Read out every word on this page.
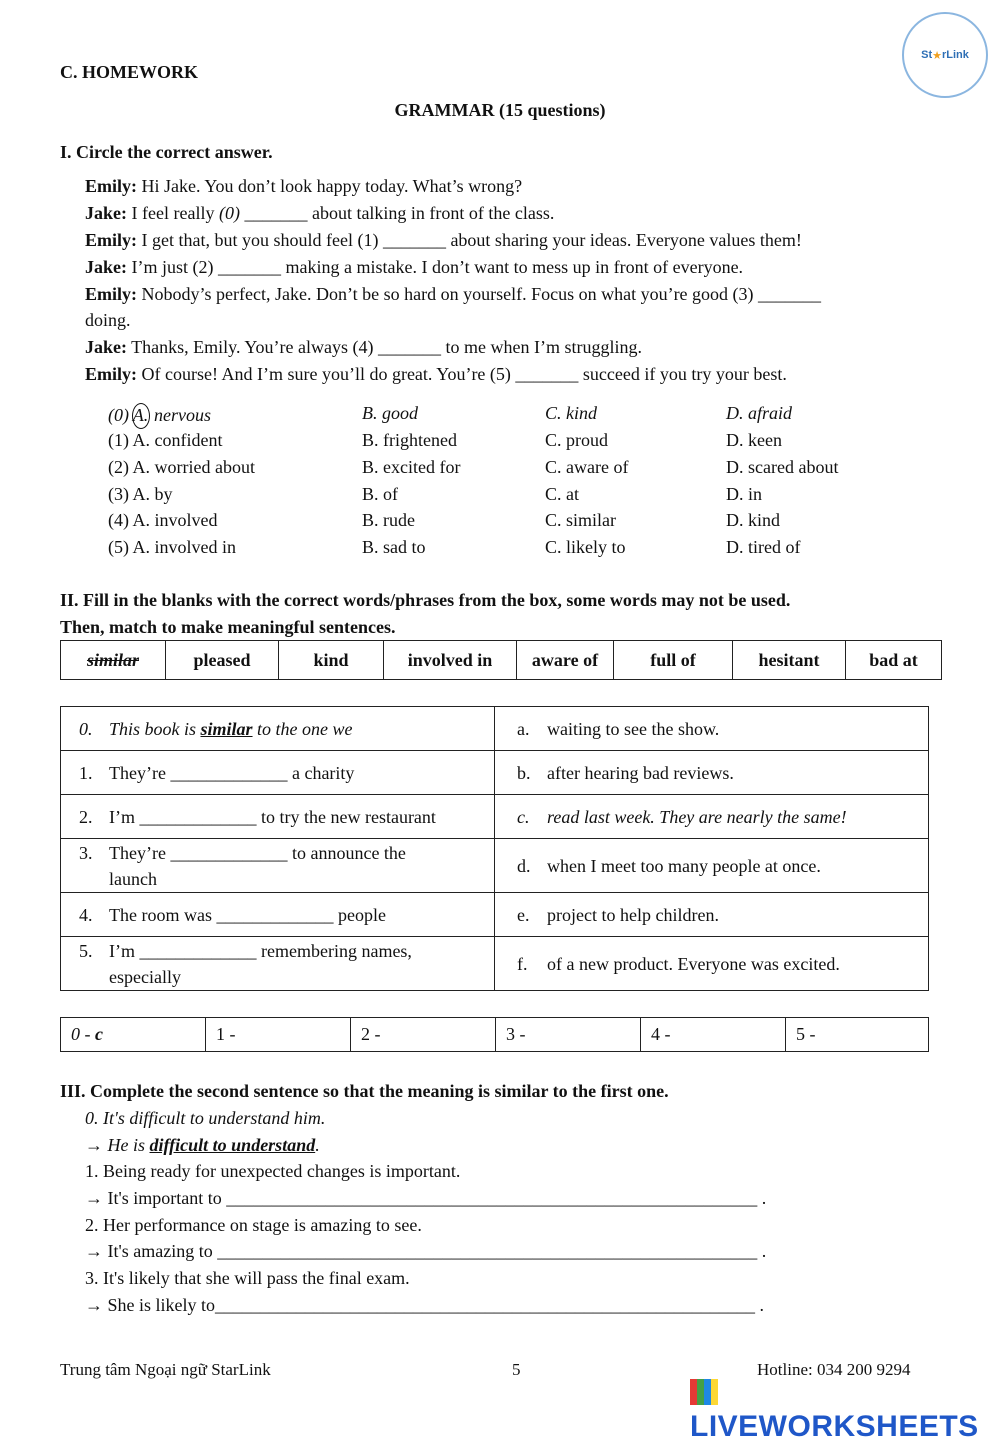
St ★ rLink
C. HOMEWORK
GRAMMAR (15 questions)
I. Circle the correct answer.
Emily: Hi Jake. You don’t look happy today. What’s wrong?
Jake: I feel really (0) _______ about talking in front of the class.
Emily: I get that, but you should feel (1) _______ about sharing your ideas. Everyone values them!
Jake: I’m just (2) _______ making a mistake. I don’t want to mess up in front of everyone.
Emily: Nobody’s perfect, Jake. Don’t be so hard on yourself. Focus on what you’re good (3) _______
doing.
Jake: Thanks, Emily. You’re always (4) _______ to me when I’m struggling.
Emily: Of course! And I’m sure you’ll do great. You’re (5) _______ succeed if you try your best.
(0) A. nervous	B. good	C. kind	D. afraid
(1) A. confident	B. frightened	C. proud	D. keen
(2) A. worried about	B. excited for	C. aware of	D. scared about
(3) A. by	B. of	C. at	D. in
(4) A. involved	B. rude	C. similar	D. kind
(5) A. involved in	B. sad to	C. likely to	D. tired of
II. Fill in the blanks with the correct words/phrases from the box, some words may not be used.
Then, match to make meaningful sentences.
similar	pleased	kind	involved in	aware of	full of	hesitant	bad at
0. This book is similar to the one we	a. waiting to see the show.
1. They’re _____________ a charity	b. after hearing bad reviews.
2. I’m _____________ to try the new restaurant	c. read last week. They are nearly the same!
3. They’re _____________ to announce the
launch	d. when I meet too many people at once.
4. The room was _____________ people	e. project to help children.
5. I’m _____________ remembering names,
especially	f. of a new product. Everyone was excited.
0 - c	1 -	2 -	3 -	4 -	5 -
III. Complete the second sentence so that the meaning is similar to the first one.
0. It's difficult to understand him.
→ He is difficult to understand.
1. Being ready for unexpected changes is important.
→ It's important to ___________________________________________________________ .
2. Her performance on stage is amazing to see.
→ It's amazing to ____________________________________________________________ .
3. It's likely that she will pass the final exam.
→ She is likely to____________________________________________________________ .
Trung tâm Ngoại ngữ StarLink	5	Hotline: 034 200 9294
LIVEWORKSHEETS
